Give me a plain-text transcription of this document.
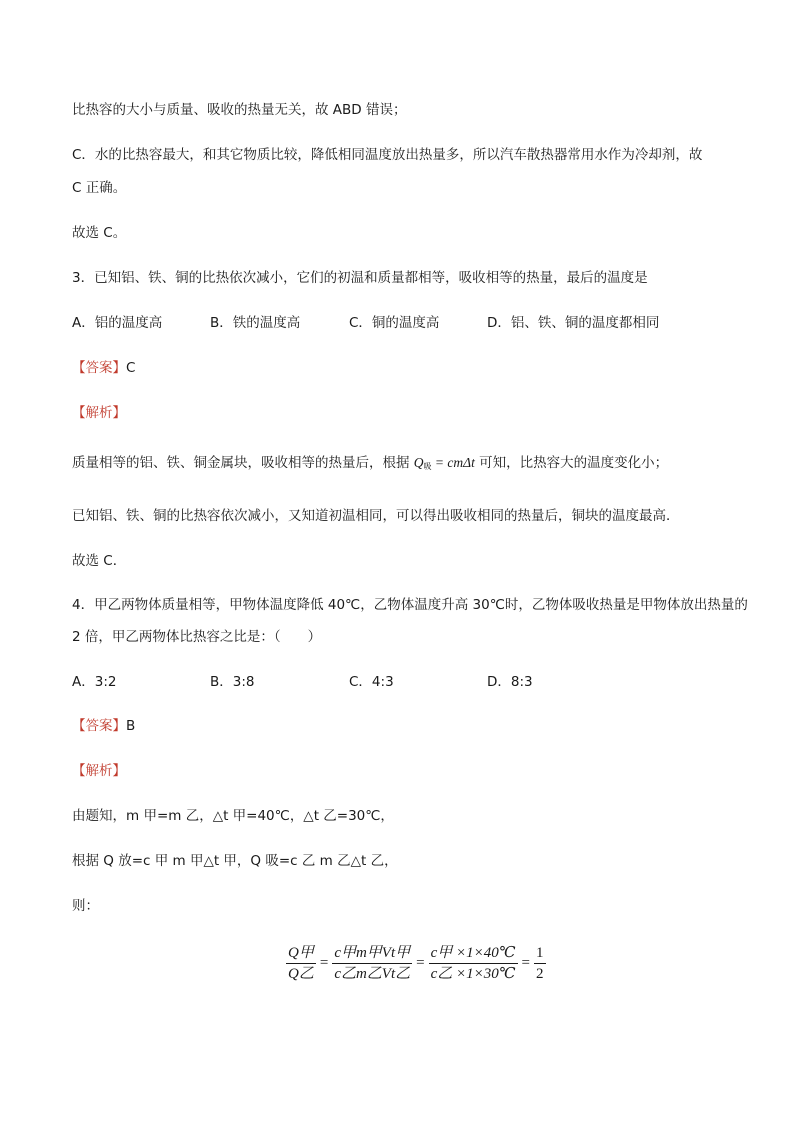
比热容的大小与质量、吸收的热量无关，故 ABD 错误；
C．水的比热容最大，和其它物质比较，降低相同温度放出热量多，所以汽车散热器常用水作为冷却剂，故
C 正确。
故选 C。
3．已知铝、铁、铜的比热依次减小，它们的初温和质量都相等，吸收相等的热量，最后的温度是
A．铝的温度高	B．铁的温度高	C．铜的温度高	D．铝、铁、铜的温度都相同
【答案】C
【解析】
质量相等的铝、铁、铜金属块，吸收相等的热量后，根据 $Q_吸 = cm\Delta t$ 可知，比热容大的温度变化小；
已知铝、铁、铜的比热容依次减小，又知道初温相同，可以得出吸收相同的热量后，铜块的温度最高．
故选 C．
4．甲乙两物体质量相等，甲物体温度降低 40℃，乙物体温度升高 30℃时，乙物体吸收热量是甲物体放出热量的
2 倍，甲乙两物体比热容之比是：（　　）
A．3:2	B．3:8	C．4:3	D．8:3
【答案】B
【解析】
由题知，m 甲=m 乙，△t 甲=40℃，△t 乙=30℃，
根据 Q 放=c 甲 m 甲△t 甲，Q 吸=c 乙 m 乙△t 乙，
则：
$\frac{\text{Q甲}}{\text{Q乙}} = \frac{\text{c甲m甲Vt甲}}{\text{c乙m乙Vt乙}} = \frac{\text{c甲 ×1×40℃}}{\text{c乙 ×1×30℃}} = \frac{1}{2}$
